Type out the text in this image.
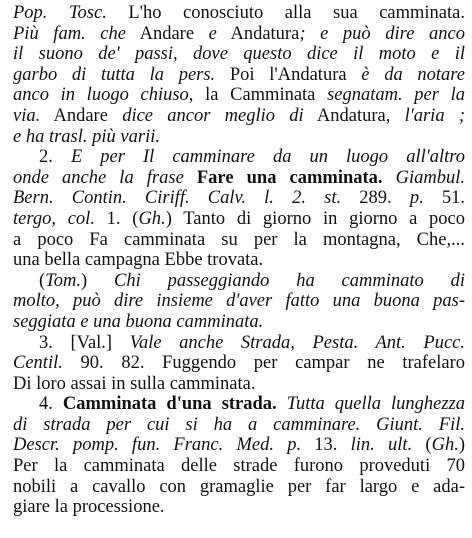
Pop. Tosc. L'ho conosciuto alla sua camminata.
Più fam. che Andare e Andatura; e può dire anco
il suono de' passi, dove questo dice il moto e il
garbo di tutta la pers. Poi l'Andatura è da notare
anco in luogo chiuso, la Camminata segnatam. per la
via. Andare dice ancor meglio di Andatura, l'aria ;
e ha trasl. più varii.
2. E per Il camminare da un luogo all'altro
onde anche la frase Fare una camminata. Giambul.
Bern. Contin. Ciriff. Calv. l. 2. st. 289. p. 51.
tergo, col. 1. (Gh.) Tanto di giorno in giorno a poco
a poco Fa camminata su per la montagna, Che,...
una bella campagna Ebbe trovata.
(Tom.) Chi passeggiando ha camminato di
molto, può dire insieme d'aver fatto una buona pas-
seggiata e una buona camminata.
3. [Val.] Vale anche Strada, Pesta. Ant. Pucc.
Centil. 90. 82. Fuggendo per campar ne trafelaro
Di loro assai in sulla camminata.
4. Camminata d'una strada. Tutta quella lunghezza
di strada per cui si ha a camminare. Giunt. Fil.
Descr. pomp. fun. Franc. Med. p. 13. lin. ult. (Gh.)
Per la camminata delle strade furono proveduti 70
nobili a cavallo con gramaglie per far largo e ada-
giare la processione.
